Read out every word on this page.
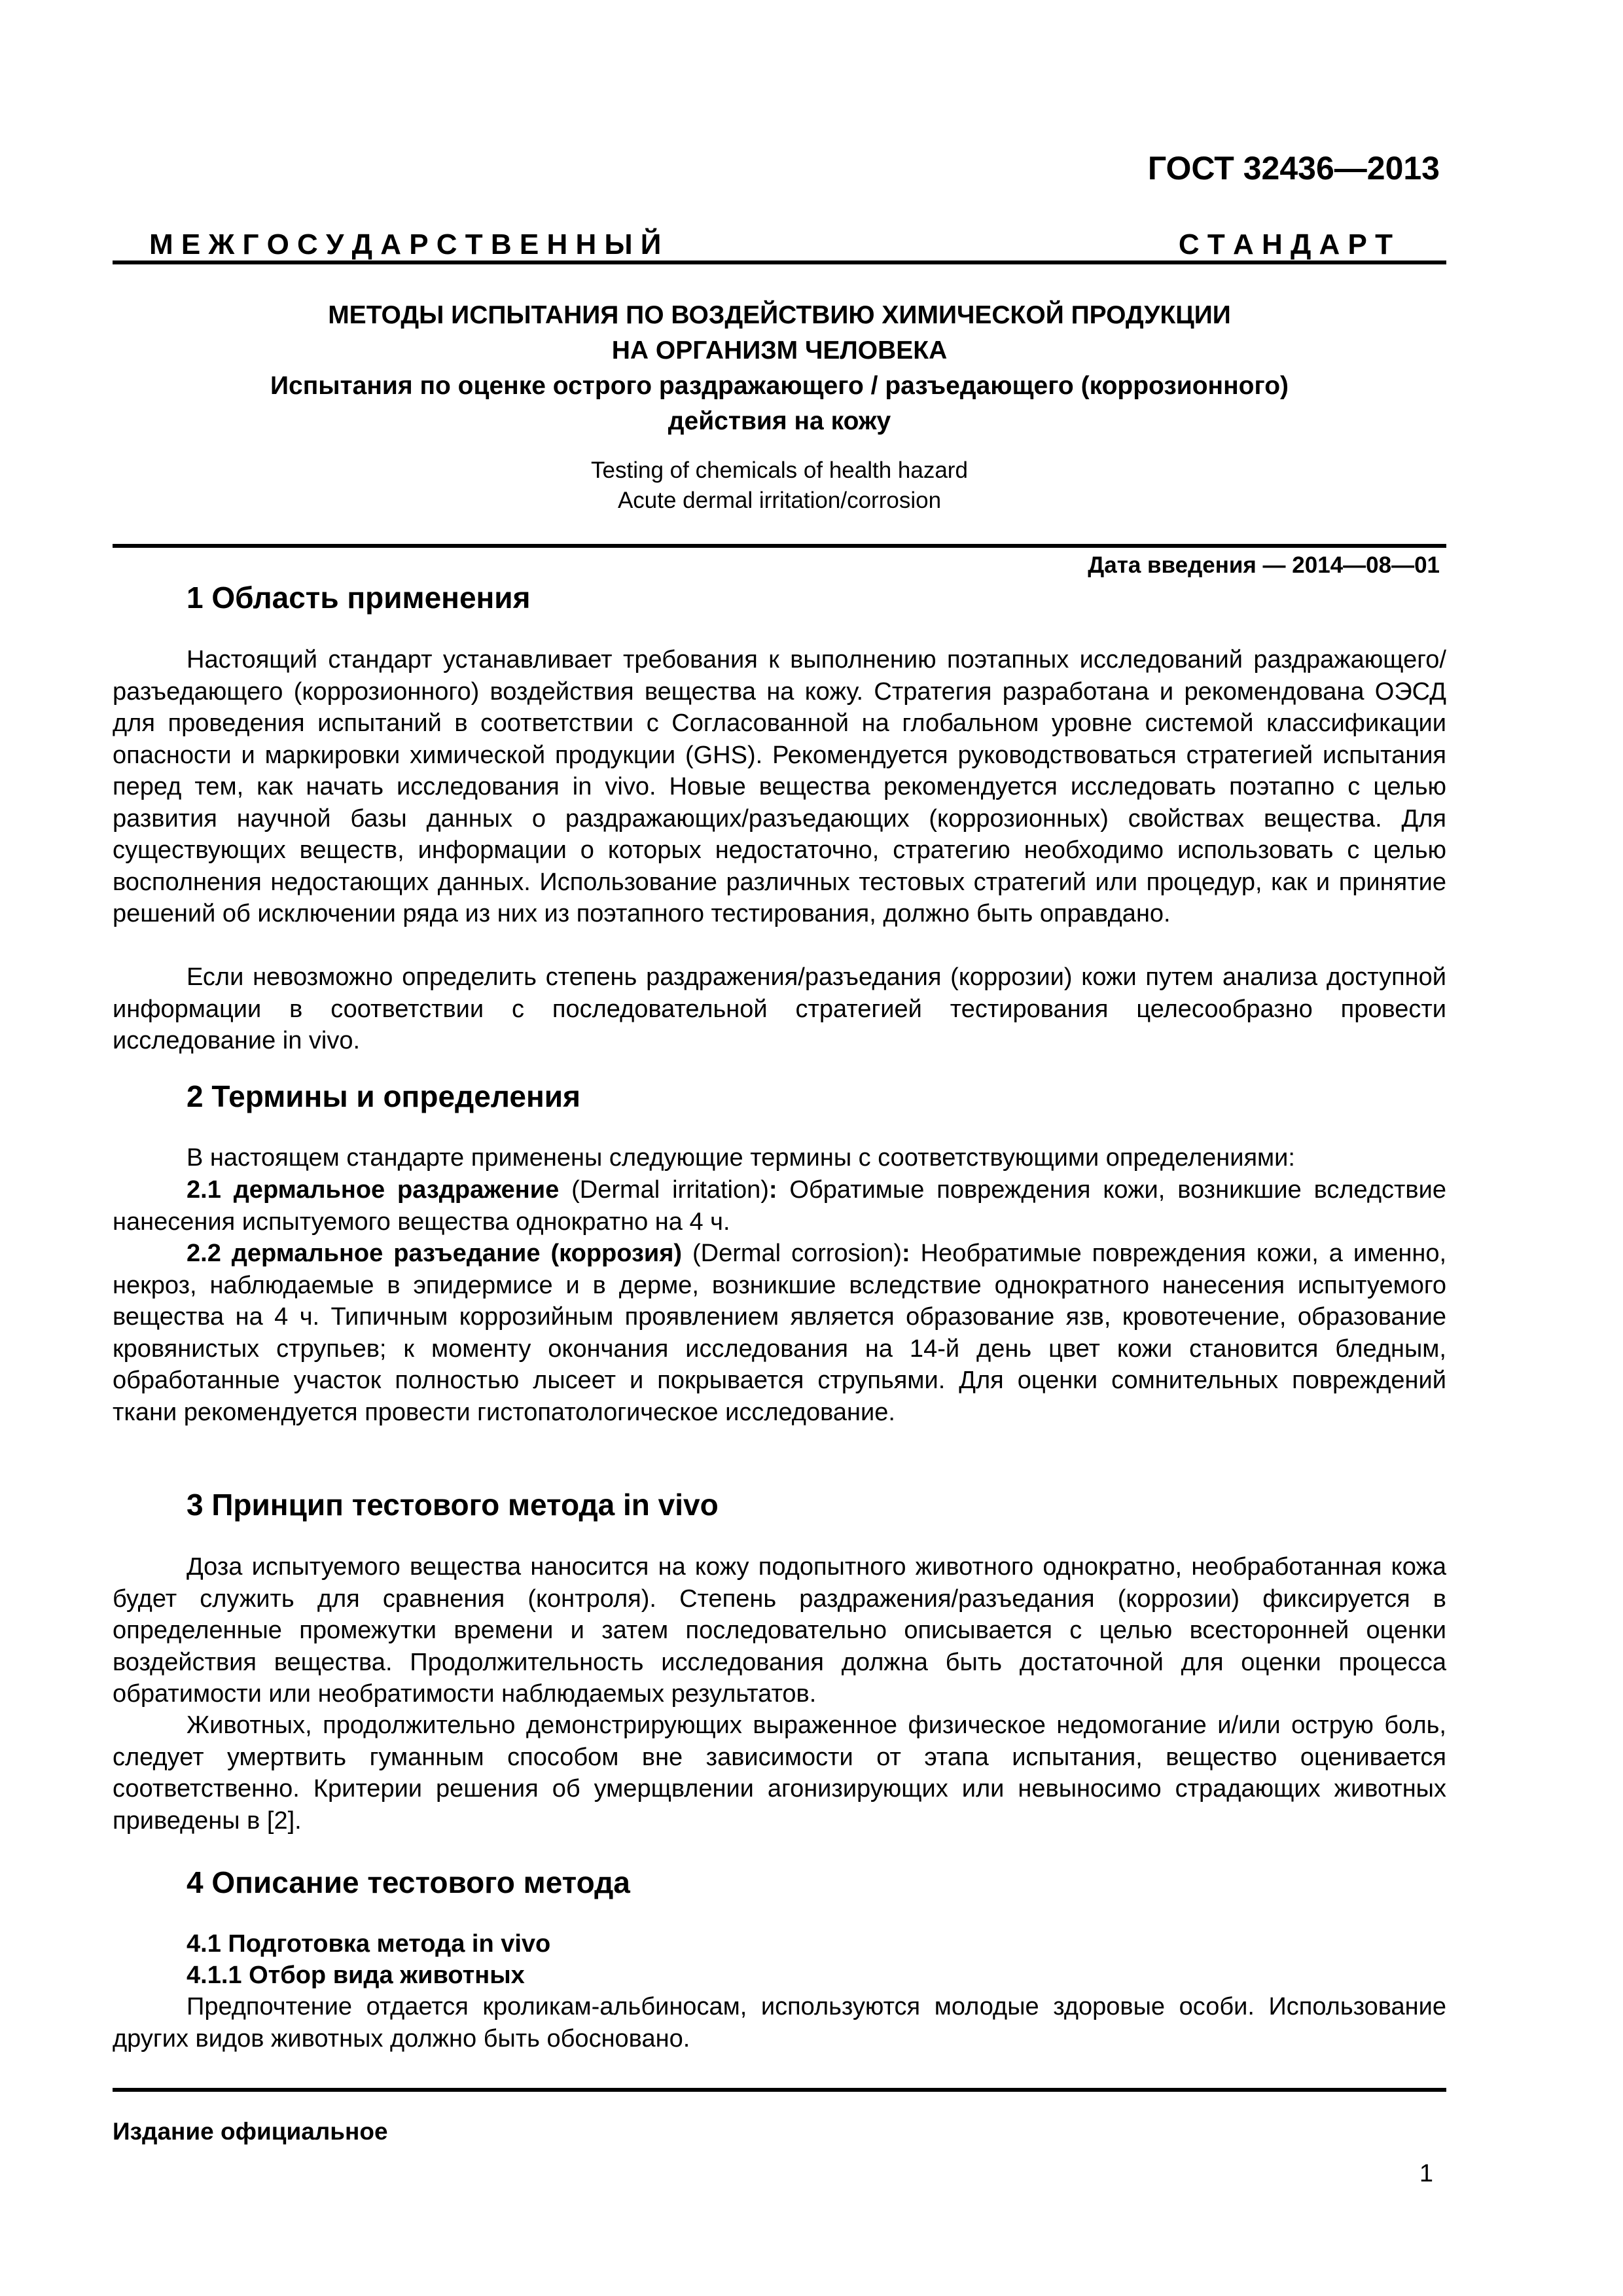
ГОСТ 32436—2013
М Е Ж Г О С У Д А Р С Т В Е Н Н Ы Й	С Т А Н Д А Р Т
МЕТОДЫ ИСПЫТАНИЯ ПО ВОЗДЕЙСТВИЮ ХИМИЧЕСКОЙ ПРОДУКЦИИ
НА ОРГАНИЗМ ЧЕЛОВЕКА
Испытания по оценке острого раздражающего / разъедающего (коррозионного)
действия на кожу
Testing of chemicals of health hazard
Acute dermal irritation/corrosion
Дата введения — 2014—08—01
1 Область применения

Настоящий стандарт устанавливает требования к выполнению поэтапных исследований раздражающего/разъедающего (коррозионного) воздействия вещества на кожу. Стратегия разработана и рекомендована ОЭСД для проведения испытаний в соответствии с Согласованной на глобальном уровне системой классификации опасности и маркировки химической продукции (GHS). Рекомендуется руководствоваться стратегией испытания перед тем, как начать исследования in vivo. Новые вещества рекомендуется исследовать поэтапно с целью развития научной базы данных о раздражающих/разъедающих (коррозионных) свойствах вещества. Для существующих веществ, информации о которых недостаточно, стратегию необходимо использовать с целью восполнения недостающих данных. Использование различных тестовых стратегий или процедур, как и принятие решений об исключении ряда из них из поэтапного тестирования, должно быть оправдано.

Если невозможно определить степень раздражения/разъедания (коррозии) кожи путем анализа доступной информации в соответствии с последовательной стратегией тестирования целесообразно провести исследование in vivo.

2 Термины и определения

В настоящем стандарте применены следующие термины с соответствующими определениями:

2.1 дермальное раздражение (Dermal irritation): Обратимые повреждения кожи, возникшие вследствие нанесения испытуемого вещества однократно на 4 ч.

2.2 дермальное разъедание (коррозия) (Dermal corrosion): Необратимые повреждения кожи, а именно, некроз, наблюдаемые в эпидермисе и в дерме, возникшие вследствие однократного нанесения испытуемого вещества на 4 ч. Типичным коррозийным проявлением является образование язв, кровотечение, образование кровянистых струпьев; к моменту окончания исследования на 14-й день цвет кожи становится бледным, обработанные участок полностью лысеет и покрывается струпьями. Для оценки сомнительных повреждений ткани рекомендуется провести гистопатологическое исследование.

3 Принцип тестового метода in vivo

Доза испытуемого вещества наносится на кожу подопытного животного однократно, необработанная кожа будет служить для сравнения (контроля). Степень раздражения/разъедания (коррозии) фиксируется в определенные промежутки времени и затем последовательно описывается с целью всесторонней оценки воздействия вещества. Продолжительность исследования должна быть достаточной для оценки процесса обратимости или необратимости наблюдаемых результатов.

Животных, продолжительно демонстрирующих выраженное физическое недомогание и/или острую боль, следует умертвить гуманным способом вне зависимости от этапа испытания, вещество оценивается соответственно. Критерии решения об умерщвлении агонизирующих или невыносимо страдающих животных приведены в [2].

4 Описание тестового метода
4.1 Подготовка метода in vivo
4.1.1 Отбор вида животных

Предпочтение отдается кроликам-альбиносам, используются молодые здоровые особи. Использование других видов животных должно быть обосновано.

Издание официальное
1
